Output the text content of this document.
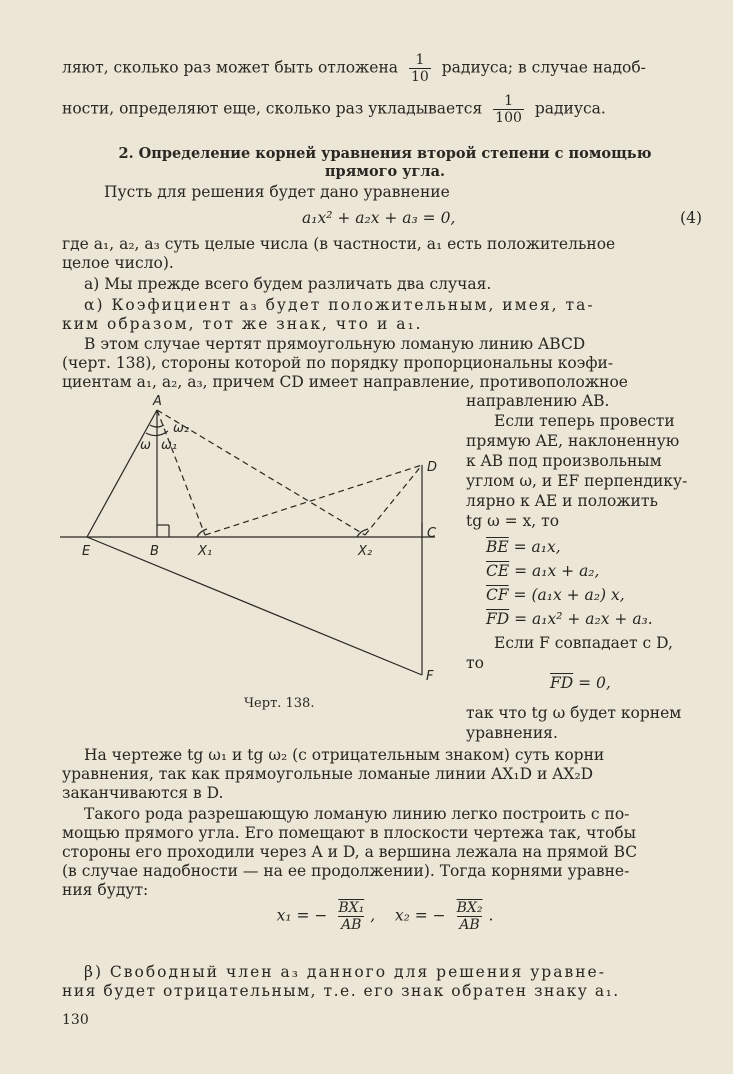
ляют, сколько раз может быть отложена $\frac{1}{10}$ радиуса; в случае надоб-
ности, определяют еще, сколько раз укладывается $\frac{1}{100}$ радиуса.
2. Определение корней уравнения второй степени с помощью
прямого угла.
Пусть для решения будет дано уравнение
a₁x² + a₂x + a₃ = 0,	(4)
где a₁, a₂, a₃ суть целые числа (в частности, a₁ есть положительное
целое число).
а) Мы прежде всего будем различать два случая.
α) Коэфициент a₃ будет положительным, имея, та-
ким образом, тот же знак, что и a₁.
В этом случае чертят прямоугольную ломаную линию ABCD
(черт. 138), стороны которой по порядку пропорциональны коэфи-
циентам a₁, a₂, a₃, причем CD имеет направление, противоположное
направлению AB.
Если теперь провести
прямую AE, наклоненную
к AB под произвольным
углом ω, и EF перпендику-
лярно к AE и положить
tg ω = x, то
$\overline{BE} = a_1x$,
$\overline{CE} = a_1x + a_2$,
$\overline{CF} = (a_1x + a_2)$ x,
$\overline{FD} = a_1x^2 + a_2x + a_3$.
Если F совпадает с D,
то
$\overline{FD} = 0$,
так что tg ω будет корнем
уравнения.
A
B
C
D
E
F
X₁	X₂
ω ω₁
ω₂
Черт. 138.
На чертеже tg ω₁ и tg ω₂ (с отрицательным знаком) суть корни
уравнения, так как прямоугольные ломаные линии AX₁D и AX₂D
заканчиваются в D.
Такого рода разрешающую ломаную линию легко построить с по-
мощью прямого угла. Его помещают в плоскости чертежа так, чтобы
стороны его проходили через A и D, а вершина лежала на прямой BC
(в случае надобности — на ее продолжении). Тогда корнями уравне-
ния будут:
x₁ = − $\frac{\text{BX₁}}{AB}$ ,    x₂ = − $\frac{\text{BX₂}}{AB}$ .
β) Свободный член a₃ данного для решения уравне-
ния будет отрицательным, т.е. его знак обратен знаку a₁.
130
